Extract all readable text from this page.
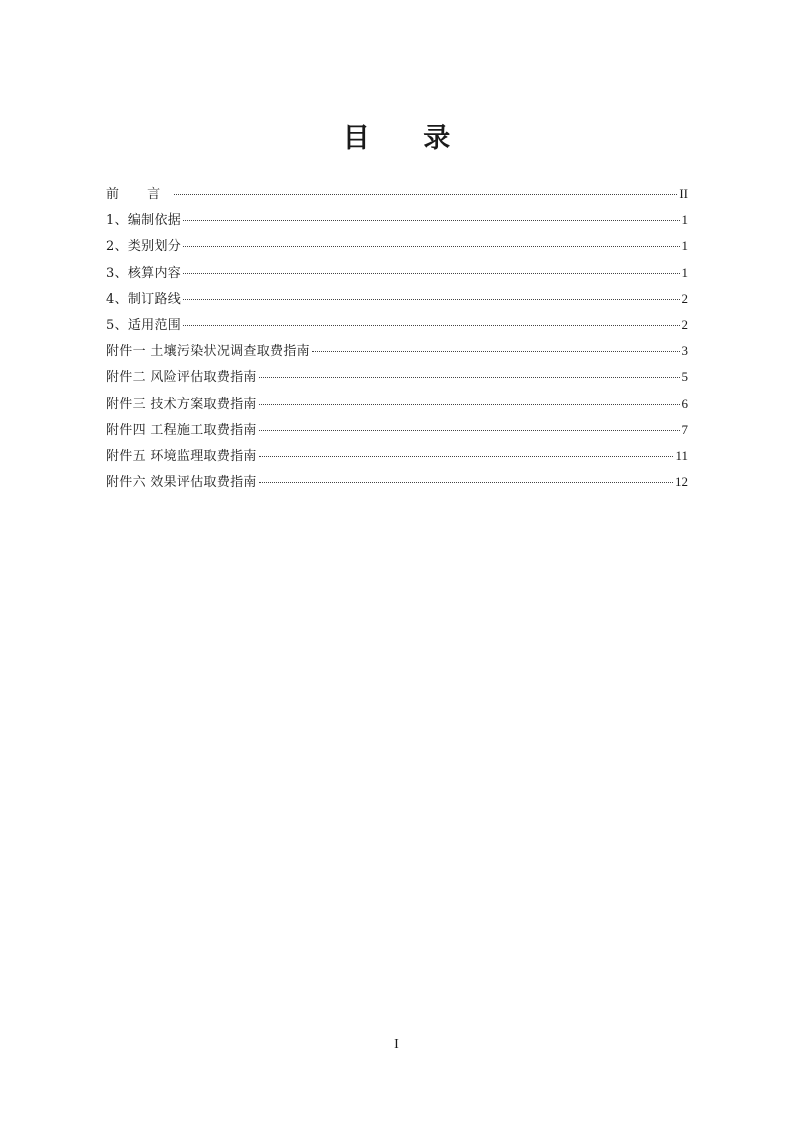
目 录
前 言	II
1、编制依据	1
2、类别划分	1
3、核算内容	1
4、制订路线	2
5、适用范围	2
附件一 土壤污染状况调查取费指南	3
附件二 风险评估取费指南	5
附件三 技术方案取费指南	6
附件四 工程施工取费指南	7
附件五 环境监理取费指南	11
附件六 效果评估取费指南	12
I
